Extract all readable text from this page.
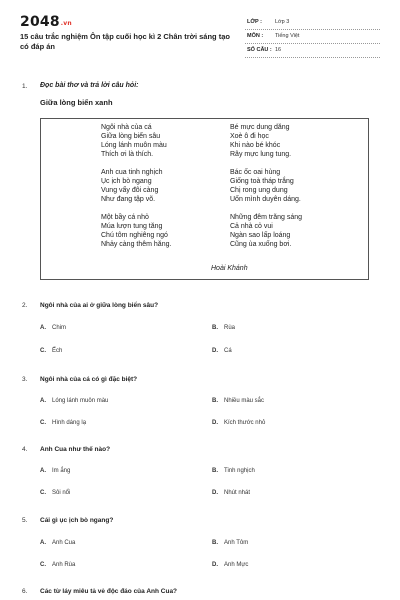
2048.vn
15 câu trắc nghiệm Ôn tập cuối học kì 2 Chân trời sáng tạo có đáp án
LỚP : Lớp 3
MÔN : Tiếng Việt
SỐ CÂU : 16
1. Đọc bài thơ và trả lời câu hỏi:
Giữa lòng biển xanh
Ngôi nhà của cá
Giữa lòng biển sâu
Lóng lánh muôn màu
Thích ơi là thích.

Anh cua tinh nghịch
Ục ịch bò ngang
Vung vẩy đôi càng
Như đang tập võ.

Một bầy cá nhỏ
Múa lượn tung tăng
Chú tôm nghiêng ngó
Nhảy càng thêm hăng.
Bé mực dung dăng
Xoè ô đi học
Khi nào bé khóc
Rây mực lung tung.

Bác ốc oai hùng
Giống toà tháp trắng
Chị rong ung dung
Uốn mình duyên dáng.

Những đêm trăng sáng
Cả nhà cỏ vui
Ngàn sao lấp loáng
Cũng ùa xuống bơi.
Hoài Khánh
2. Ngôi nhà của ai ở giữa lòng biển sâu?
A. Chim	B. Rùa
C. Ếch	D. Cá
3. Ngôi nhà của cá có gì đặc biệt?
A. Lóng lánh muôn màu	B. Nhiều màu sắc
C. Hình dáng lạ	D. Kích thước nhỏ
4. Anh Cua như thế nào?
A. Im ắng	B. Tinh nghịch
C. Sôi nổi	D. Nhút nhát
5. Cái gì ục ịch bò ngang?
A. Anh Cua	B. Anh Tôm
C. Anh Rùa	D. Anh Mực
6. Các từ láy miêu tả vẻ độc đáo của Anh Cua?
